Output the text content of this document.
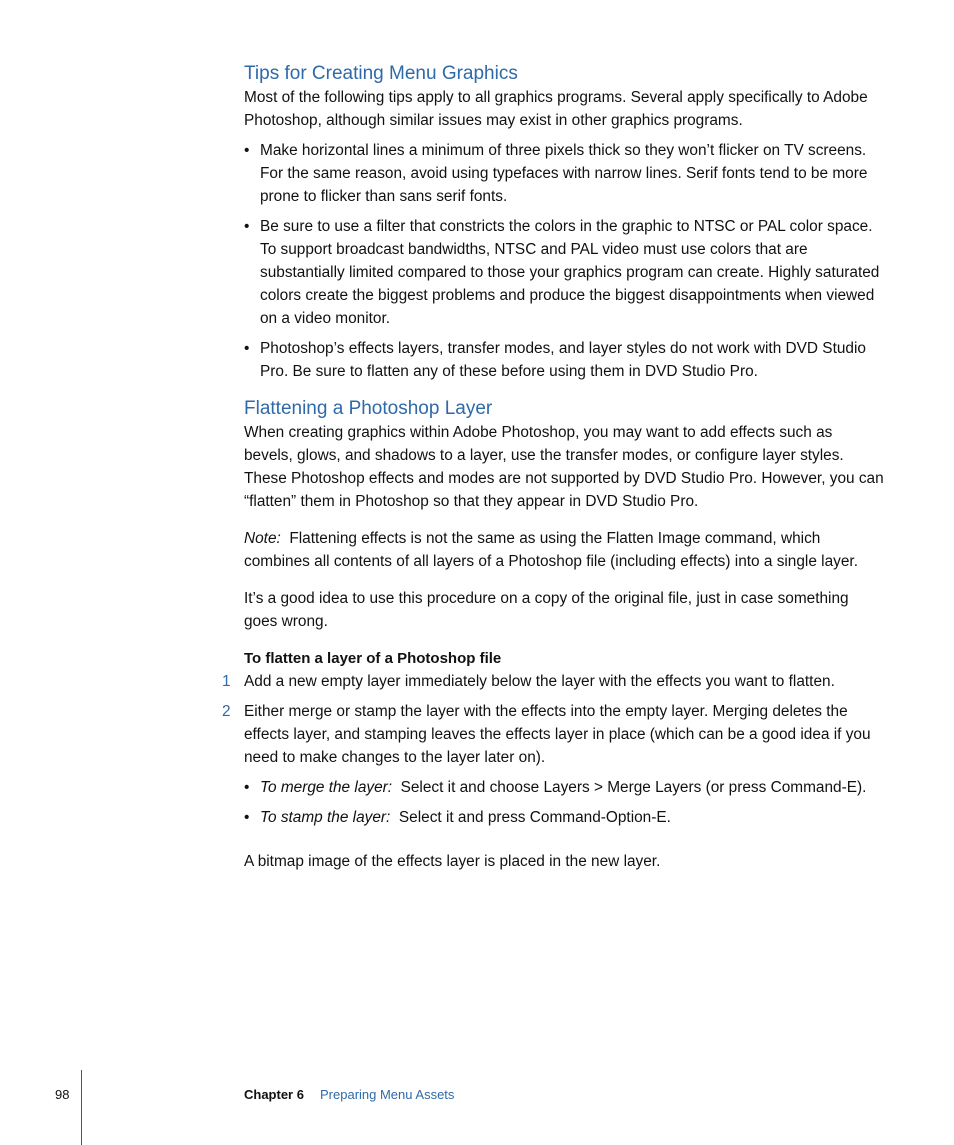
Tips for Creating Menu Graphics

Most of the following tips apply to all graphics programs. Several apply specifically to Adobe Photoshop, although similar issues may exist in other graphics programs.

• Make horizontal lines a minimum of three pixels thick so they won’t flicker on TV screens. For the same reason, avoid using typefaces with narrow lines. Serif fonts tend to be more prone to flicker than sans serif fonts.
• Be sure to use a filter that constricts the colors in the graphic to NTSC or PAL color space. To support broadcast bandwidths, NTSC and PAL video must use colors that are substantially limited compared to those your graphics program can create. Highly saturated colors create the biggest problems and produce the biggest disappointments when viewed on a video monitor.
• Photoshop’s effects layers, transfer modes, and layer styles do not work with DVD Studio Pro. Be sure to flatten any of these before using them in DVD Studio Pro.
Flattening a Photoshop Layer

When creating graphics within Adobe Photoshop, you may want to add effects such as bevels, glows, and shadows to a layer, use the transfer modes, or configure layer styles. These Photoshop effects and modes are not supported by DVD Studio Pro. However, you can “flatten” them in Photoshop so that they appear in DVD Studio Pro.

Note: Flattening effects is not the same as using the Flatten Image command, which combines all contents of all layers of a Photoshop file (including effects) into a single layer.

It’s a good idea to use this procedure on a copy of the original file, just in case something goes wrong.

To flatten a layer of a Photoshop file

1 Add a new empty layer immediately below the layer with the effects you want to flatten.
2 Either merge or stamp the layer with the effects into the empty layer. Merging deletes the effects layer, and stamping leaves the effects layer in place (which can be a good idea if you need to make changes to the layer later on).
• To merge the layer: Select it and choose Layers > Merge Layers (or press Command-E).
• To stamp the layer: Select it and press Command-Option-E.

A bitmap image of the effects layer is placed in the new layer.

98	Chapter 6 Preparing Menu Assets
